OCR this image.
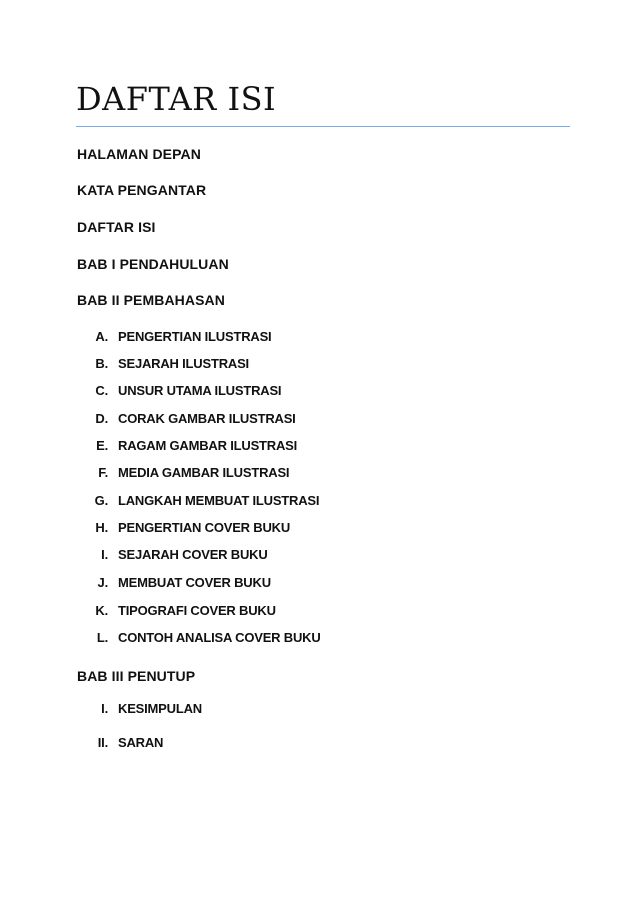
DAFTAR ISI
HALAMAN DEPAN
KATA PENGANTAR
DAFTAR ISI
BAB I PENDAHULUAN
BAB II PEMBAHASAN
A. PENGERTIAN ILUSTRASI
B. SEJARAH ILUSTRASI
C. UNSUR UTAMA ILUSTRASI
D. CORAK GAMBAR ILUSTRASI
E. RAGAM GAMBAR ILUSTRASI
F. MEDIA GAMBAR ILUSTRASI
G. LANGKAH MEMBUAT ILUSTRASI
H. PENGERTIAN COVER BUKU
I. SEJARAH COVER BUKU
J. MEMBUAT COVER BUKU
K. TIPOGRAFI COVER BUKU
L. CONTOH ANALISA COVER BUKU
BAB III PENUTUP
I. KESIMPULAN
II. SARAN
